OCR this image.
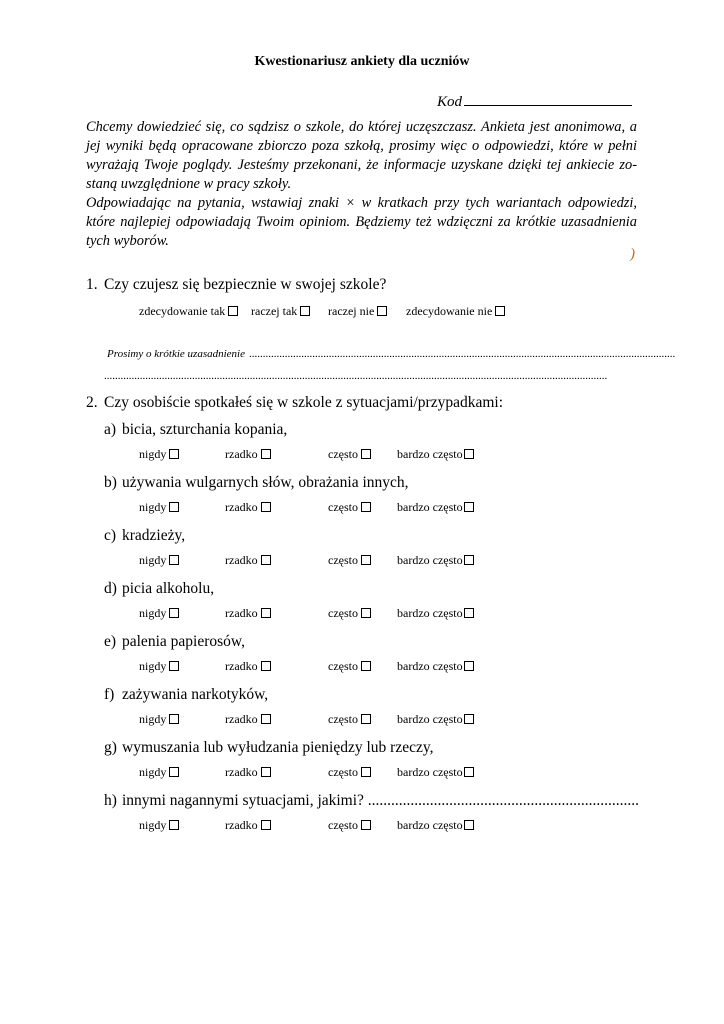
Kwestionariusz ankiety dla uczniów
Kod
Chcemy dowiedzieć się, co sądzisz o szkole, do której uczęszczasz. Ankieta jest anonimowa, a
jej wyniki będą opracowane zbiorczo poza szkołą, prosimy więc o odpowiedzi, które w pełni
wyrażają Twoje poglądy. Jesteśmy przekonani, że informacje uzyskane dzięki tej ankiecie zo-
staną uwzględnione w pracy szkoły.
Odpowiadając na pytania, wstawiaj znaki × w kratkach przy tych wariantach odpowiedzi,
które najlepiej odpowiadają Twoim opiniom. Będziemy też wdzięczni za krótkie uzasadnienia
tych wyborów.
)
1. Czy czujesz się bezpiecznie w swojej szkole?
zdecydowanie tak	raczej tak	raczej nie	zdecydowanie nie
Prosimy o krótkie uzasadnienie ...........................................................................................................................................................
.......................................................................................................................................................................................
2. Czy osobiście spotkałeś się w szkole z sytuacjami/przypadkami:
a) bicia, szturchania kopania,
nigdy	rzadko	często	bardzo często
b) używania wulgarnych słów, obrażania innych,
nigdy	rzadko	często	bardzo często
c) kradzieży,
nigdy	rzadko	często	bardzo często
d) picia alkoholu,
nigdy	rzadko	często	bardzo często
e) palenia papierosów,
nigdy	rzadko	często	bardzo często
f) zażywania narkotyków,
nigdy	rzadko	często	bardzo często
g) wymuszania lub wyłudzania pieniędzy lub rzeczy,
nigdy	rzadko	często	bardzo często
h) innymi nagannymi sytuacjami, jakimi? ......................................................................
nigdy	rzadko	często	bardzo często
